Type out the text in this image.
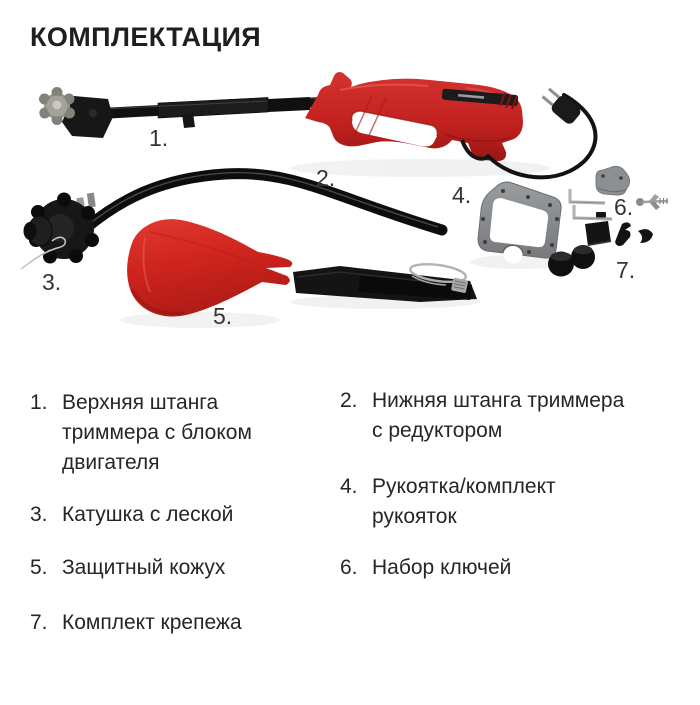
КОМПЛЕКТАЦИЯ
1.
2.
3.
5.
4.	6.
7.
1. Верхняя штанга
триммера с блоком
двигателя
3. Катушка с леской
5. Защитный кожух
7. Комплект крепежа
2. Нижняя штанга триммера
с редуктором
4. Рукоятка/комплект
рукояток
6. Набор ключей
